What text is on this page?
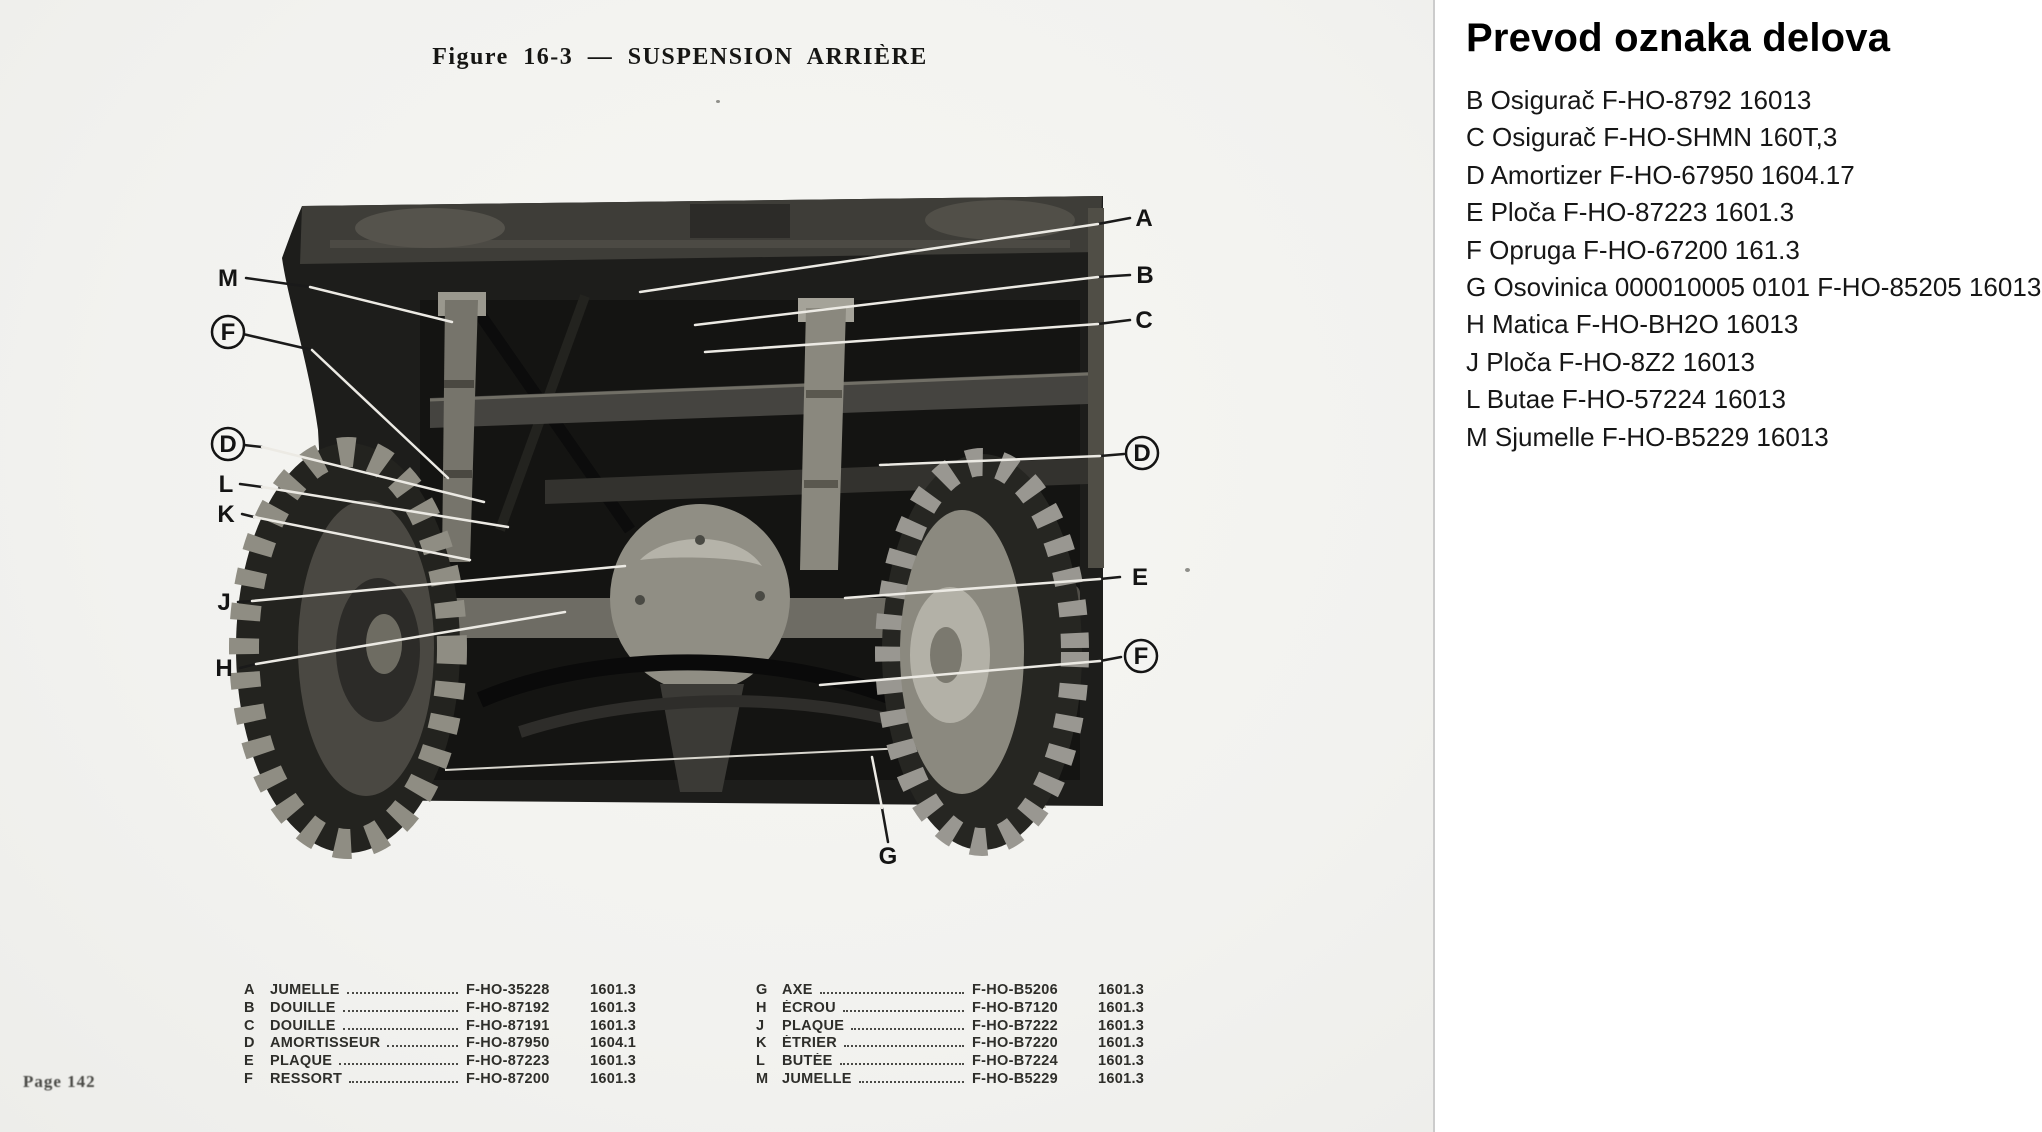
Figure 16-3 — SUSPENSION ARRIÈRE
M
F
D
L
K
J
H
A
B
C
D
E
F
G
A	JUMELLE	F-HO-35228	1601.3
B	DOUILLE	F-HO-87192	1601.3
C	DOUILLE	F-HO-87191	1601.3
D	AMORTISSEUR	F-HO-87950	1604.1
E	PLAQUE	F-HO-87223	1601.3
F	RESSORT	F-HO-87200	1601.3
G AXE	F-HO-B5206	1601.3
H	ÉCROU	F-HO-B7120	1601.3
J	PLAQUE	F-HO-B7222	1601.3
K	ÉTRIER	F-HO-B7220	1601.3
L	BUTÉE	F-HO-B7224	1601.3
M JUMELLE	F-HO-B5229	1601.3
Page 142
Prevod oznaka delova
B Osigurač F-HO-8792 16013
C Osigurač F-HO-SHMN 160T,3
D Amortizer F-HO-67950 1604.17
E Ploča F-HO-87223 1601.3
F Opruga F-HO-67200 161.3
G Osovinica 000010005 0101 F-HO-85205 16013
H Matica F-HO-BH2O 16013
J Ploča F-HO-8Z2 16013
L Butae F-HO-57224 16013
M Sjumelle F-HO-B5229 16013
